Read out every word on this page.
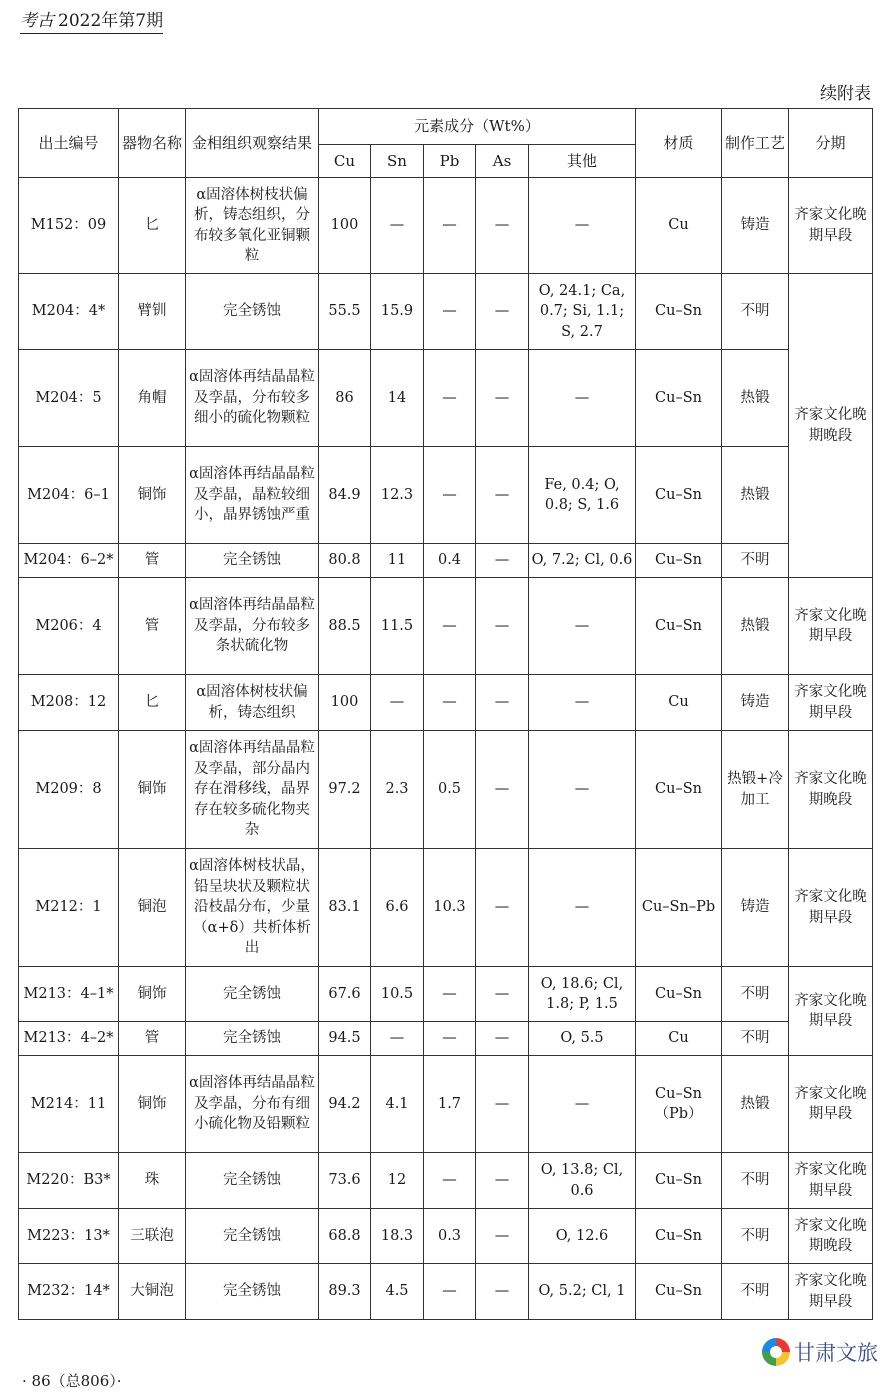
考古 2022年第7期
续附表
出土编号	器物名称	金相组织观察结果	元素成分（Wt%）					材质	制作工艺	分期
			Cu	Sn	Pb	As	其他			
M152：09	匕	α固溶体树枝状偏析，铸态组织，分布较多氧化亚铜颗粒	100	—	—	—	—	Cu	铸造	齐家文化晚期早段
M204：4*	臂钏	完全锈蚀	55.5	15.9	—	—	O, 24.1; Ca, 0.7; Si, 1.1; S, 2.7	Cu–Sn	不明	齐家文化晚期晚段
M204：5	角帽	α固溶体再结晶晶粒及孪晶，分布较多细小的硫化物颗粒	86	14	—	—	—	Cu–Sn	热锻	
M204：6–1	铜饰	α固溶体再结晶晶粒及孪晶，晶粒较细小，晶界锈蚀严重	84.9	12.3	—	—	Fe, 0.4; O, 0.8; S, 1.6	Cu–Sn	热锻	
M204：6–2*	管	完全锈蚀	80.8	11	0.4	—	O, 7.2; Cl, 0.6	Cu–Sn	不明	
M206：4	管	α固溶体再结晶晶粒及孪晶，分布较多条状硫化物	88.5	11.5	—	—	—	Cu–Sn	热锻	齐家文化晚期早段
M208：12	匕	α固溶体树枝状偏析，铸态组织	100	—	—	—	—	Cu	铸造	齐家文化晚期早段
M209：8	铜饰	α固溶体再结晶晶粒及孪晶，部分晶内存在滑移线，晶界存在较多硫化物夹杂	97.2	2.3	0.5	—	—	Cu–Sn	热锻+冷加工	齐家文化晚期晚段
M212：1	铜泡	α固溶体树枝状晶，铅呈块状及颗粒状沿枝晶分布，少量（α+δ）共析体析出	83.1	6.6	10.3	—	—	Cu–Sn–Pb	铸造	齐家文化晚期早段
M213：4–1*	铜饰	完全锈蚀	67.6	10.5	—	—	O, 18.6; Cl, 1.8; P, 1.5	Cu–Sn	不明	齐家文化晚期早段
M213：4–2*	管	完全锈蚀	94.5	—	—	—	O, 5.5	Cu	不明	
M214：11	铜饰	α固溶体再结晶晶粒及孪晶，分布有细小硫化物及铅颗粒	94.2	4.1	1.7	—	—	Cu–Sn（Pb）	热锻	齐家文化晚期早段
M220：B3*	珠	完全锈蚀	73.6	12	—	—	O, 13.8; Cl, 0.6	Cu–Sn	不明	齐家文化晚期早段
M223：13*	三联泡	完全锈蚀	68.8	18.3	0.3	—	O, 12.6	Cu–Sn	不明	齐家文化晚期晚段
M232：14*	大铜泡	完全锈蚀	89.3	4.5	—	—	O, 5.2; Cl, 1	Cu–Sn	不明	齐家文化晚期早段
· 86（总806）·
甘肃文旅
